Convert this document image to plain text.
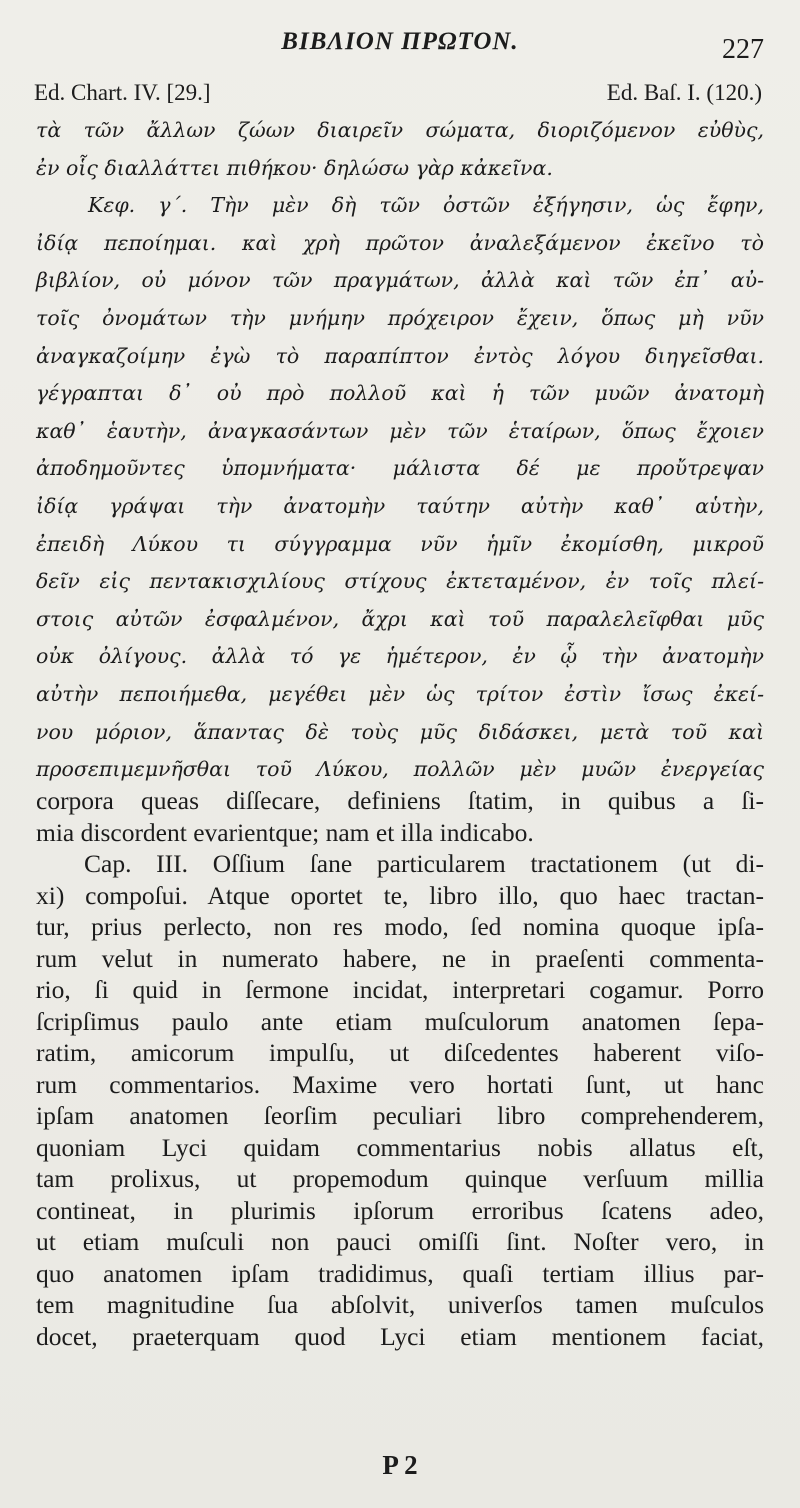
ΒΙΒΛΙΟΝ ΠΡΩΤΟΝ.	227
Ed. Chart. IV. [29.]	Ed. Baſ. I. (120.)
τὰ τῶν ἄλλων ζώων διαιρεῖν σώματα, διοριζόμενον εὐθὺς,
ἐν οἷς διαλλάττει πιθήκου· δηλώσω γὰρ κἀκεῖνα.
Κεφ. γ΄. Τὴν μὲν δὴ τῶν ὀστῶν ἐξήγησιν, ὡς ἔφην,
ἰδίᾳ πεποίημαι. καὶ χρὴ πρῶτον ἀναλεξάμενον ἐκεῖνο τὸ
βιβλίον, οὐ μόνον τῶν πραγμάτων, ἀλλὰ καὶ τῶν ἐπ᾽ αὐ-
τοῖς ὀνομάτων τὴν μνήμην πρόχειρον ἔχειν, ὅπως μὴ νῦν
ἀναγκαζοίμην ἐγὼ τὸ παραπίπτον ἐντὸς λόγου διηγεῖσθαι.
γέγραπται δ᾽ οὐ πρὸ πολλοῦ καὶ ἡ τῶν μυῶν ἀνατομὴ
καθ᾽ ἑαυτὴν, ἀναγκασάντων μὲν τῶν ἑταίρων, ὅπως ἔχοιεν
ἀποδημοῦντες ὑπομνήματα· μάλιστα δέ με προὔτρεψαν
ἰδίᾳ γράψαι τὴν ἀνατομὴν ταύτην αὐτὴν καθ᾽ αὑτὴν,
ἐπειδὴ Λύκου τι σύγγραμμα νῦν ἡμῖν ἐκομίσθη, μικροῦ
δεῖν εἰς πεντακισχιλίους στίχους ἐκτεταμένον, ἐν τοῖς πλεί-
στοις αὐτῶν ἐσφαλμένον, ἄχρι καὶ τοῦ παραλελεῖφθαι μῦς
οὐκ ὀλίγους. ἀλλὰ τό γε ἡμέτερον, ἐν ᾧ τὴν ἀνατομὴν
αὐτὴν πεποιήμεθα, μεγέθει μὲν ὡς τρίτον ἐστὶν ἴσως ἐκεί-
νου μόριον, ἅπαντας δὲ τοὺς μῦς διδάσκει, μετὰ τοῦ καὶ
προσεπιμεμνῆσθαι τοῦ Λύκου, πολλῶν μὲν μυῶν ἐνεργείας
corpora queas diſſecare, definiens ſtatim, in quibus a ſi-
mia discordent evarientque; nam et illa indicabo.
Cap. III. Oſſium ſane particularem tractationem (ut di-
xi) compoſui. Atque oportet te, libro illo, quo haec tractan-
tur, prius perlecto, non res modo, ſed nomina quoque ipſa-
rum velut in numerato habere, ne in praeſenti commenta-
rio, ſi quid in ſermone incidat, interpretari cogamur. Porro
ſcripſimus paulo ante etiam muſculorum anatomen ſepa-
ratim, amicorum impulſu, ut diſcedentes haberent viſo-
rum commentarios. Maxime vero hortati ſunt, ut hanc
ipſam anatomen ſeorſim peculiari libro comprehenderem,
quoniam Lyci quidam commentarius nobis allatus eſt,
tam prolixus, ut propemodum quinque verſuum millia
contineat, in plurimis ipſorum erroribus ſcatens adeo,
ut etiam muſculi non pauci omiſſi ſint. Noſter vero, in
quo anatomen ipſam tradidimus, quaſi tertiam illius par-
tem magnitudine ſua abſolvit, univerſos tamen muſculos
docet, praeterquam quod Lyci etiam mentionem faciat,
P 2
